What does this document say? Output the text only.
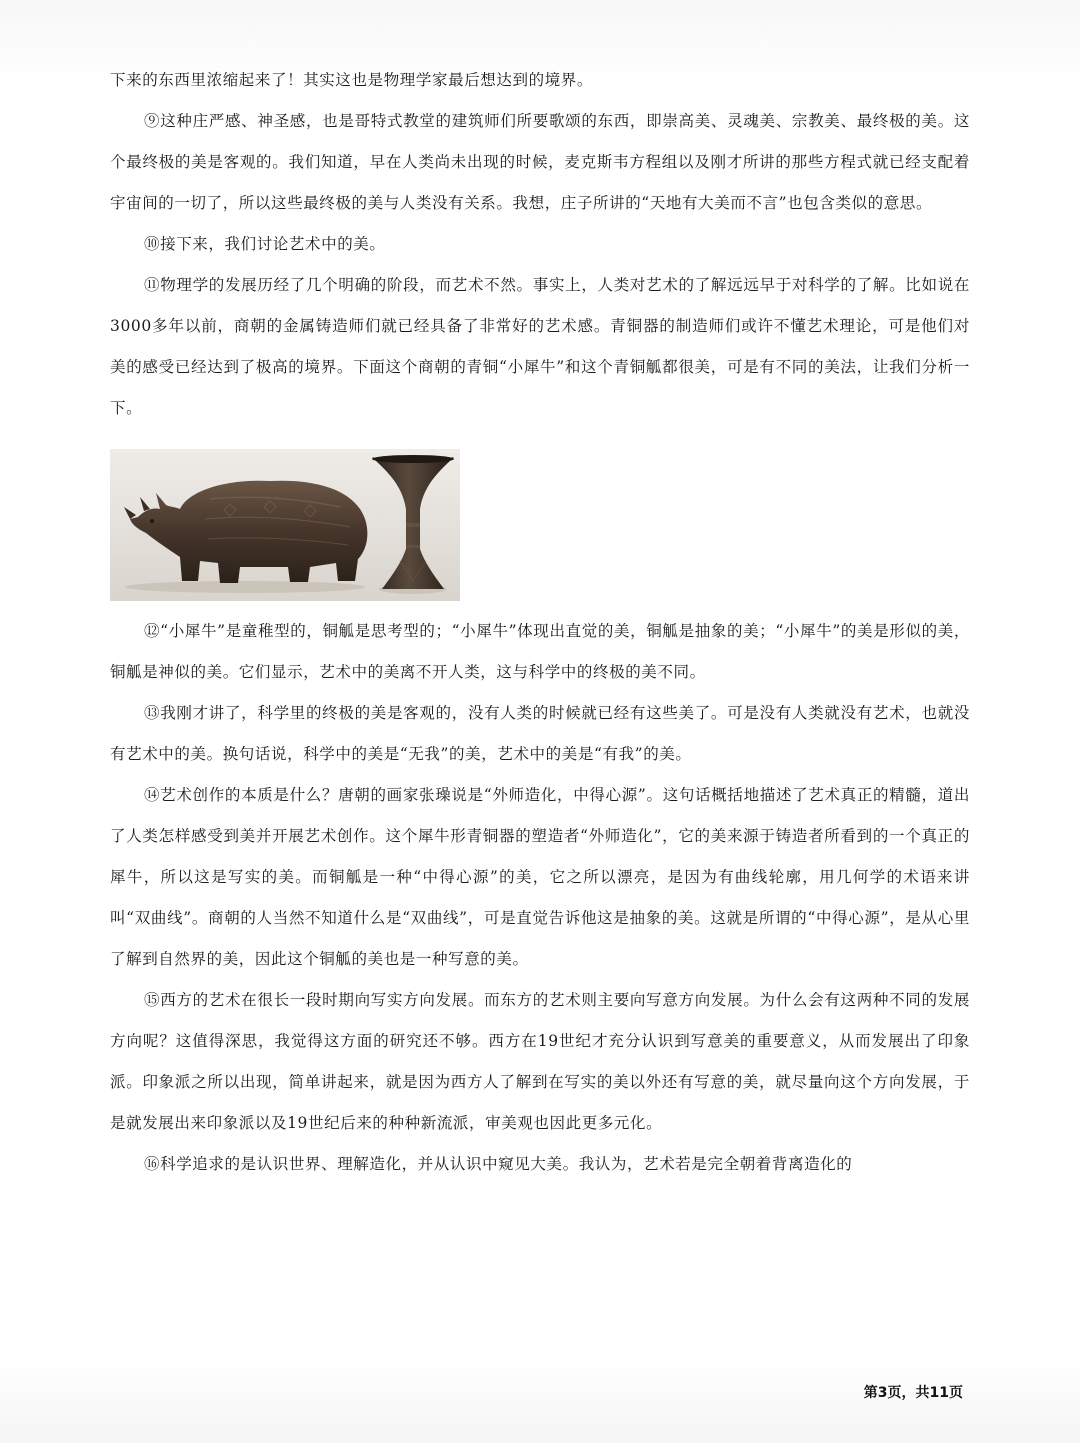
下来的东西里浓缩起来了！其实这也是物理学家最后想达到的境界。

⑨这种庄严感、神圣感，也是哥特式教堂的建筑师们所要歌颂的东西，即崇高美、灵魂美、宗教美、最终极的美。这个最终极的美是客观的。我们知道，早在人类尚未出现的时候，麦克斯韦方程组以及刚才所讲的那些方程式就已经支配着宇宙间的一切了，所以这些最终极的美与人类没有关系。我想，庄子所讲的“天地有大美而不言”也包含类似的意思。

⑩接下来，我们讨论艺术中的美。

⑪物理学的发展历经了几个明确的阶段，而艺术不然。事实上，人类对艺术的了解远远早于对科学的了解。比如说在3000多年以前，商朝的金属铸造师们就已经具备了非常好的艺术感。青铜器的制造师们或许不懂艺术理论，可是他们对美的感受已经达到了极高的境界。下面这个商朝的青铜“小犀牛”和这个青铜觚都很美，可是有不同的美法，让我们分析一下。

⑫“小犀牛”是童稚型的，铜觚是思考型的；“小犀牛”体现出直觉的美，铜觚是抽象的美；“小犀牛”的美是形似的美，铜觚是神似的美。它们显示，艺术中的美离不开人类，这与科学中的终极的美不同。

⑬我刚才讲了，科学里的终极的美是客观的，没有人类的时候就已经有这些美了。可是没有人类就没有艺术，也就没有艺术中的美。换句话说，科学中的美是“无我”的美，艺术中的美是“有我”的美。

⑭艺术创作的本质是什么？唐朝的画家张璪说是“外师造化，中得心源”。这句话概括地描述了艺术真正的精髓，道出了人类怎样感受到美并开展艺术创作。这个犀牛形青铜器的塑造者“外师造化”，它的美来源于铸造者所看到的一个真正的犀牛，所以这是写实的美。而铜觚是一种“中得心源”的美，它之所以漂亮，是因为有曲线轮廓，用几何学的术语来讲叫“双曲线”。商朝的人当然不知道什么是“双曲线”，可是直觉告诉他这是抽象的美。这就是所谓的“中得心源”，是从心里了解到自然界的美，因此这个铜觚的美也是一种写意的美。

⑮西方的艺术在很长一段时期向写实方向发展。而东方的艺术则主要向写意方向发展。为什么会有这两种不同的发展方向呢？这值得深思，我觉得这方面的研究还不够。西方在19世纪才充分认识到写意美的重要意义，从而发展出了印象派。印象派之所以出现，简单讲起来，就是因为西方人了解到在写实的美以外还有写意的美，就尽量向这个方向发展，于是就发展出来印象派以及19世纪后来的种种新流派，审美观也因此更多元化。

⑯科学追求的是认识世界、理解造化，并从认识中窥见大美。我认为，艺术若是完全朝着背离造化的

第3页，共11页
